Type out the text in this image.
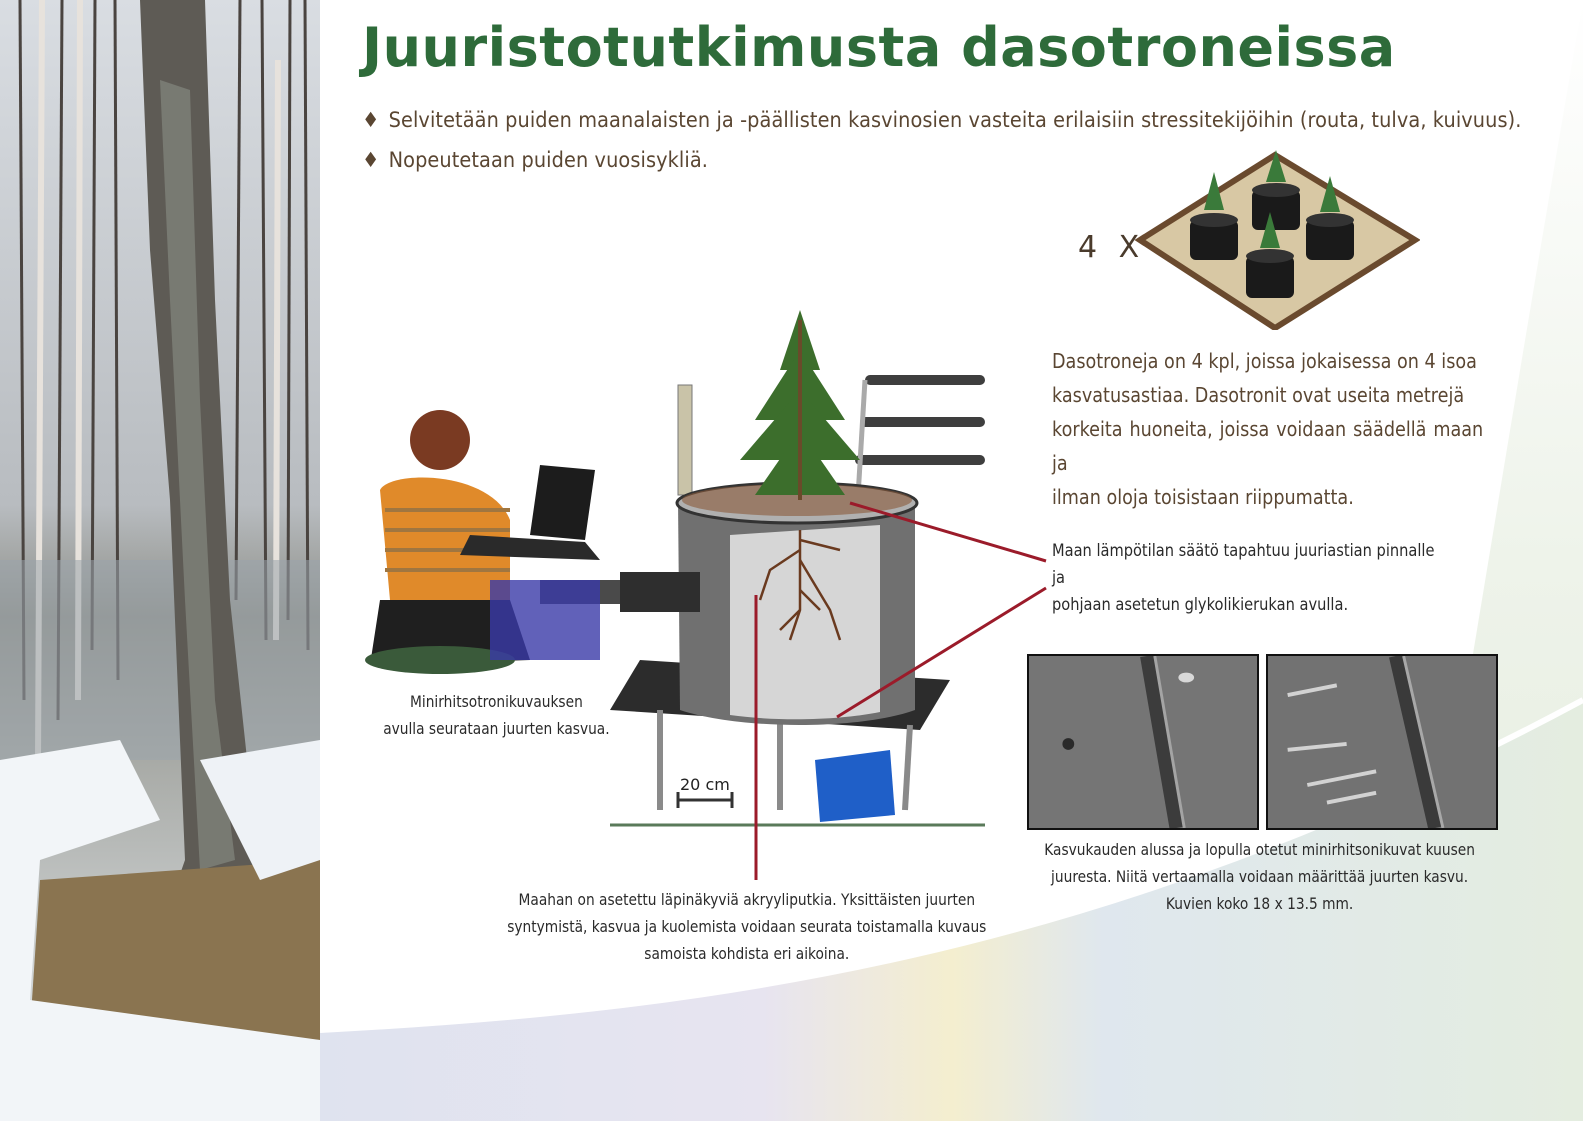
Juuristotutkimusta dasotroneissa
♦ Selvitetään puiden maanalaisten ja -päällisten kasvinosien vasteita erilaisiin stressitekijöihin (routa, tulva, kuivuus).
♦ Nopeutetaan puiden vuosisykliä.
4 X
Dasotroneja on 4 kpl, joissa jokaisessa on 4 isoa
kasvatusastiaa. Dasotronit ovat useita metrejä
korkeita huoneita, joissa voidaan säädellä maan ja
ilman oloja toisistaan riippumatta.
20 cm
Maan lämpötilan säätö tapahtuu juuriastian pinnalle ja
pohjaan asetetun glykolikierukan avulla.
Minirhitsotronikuvauksen
avulla seurataan juurten kasvua.
Maahan on asetettu läpinäkyviä akryyliputkia. Yksittäisten juurten
syntymistä, kasvua ja kuolemista voidaan seurata toistamalla kuvaus
samoista kohdista eri aikoina.
Kasvukauden alussa ja lopulla otetut minirhitsonikuvat kuusen
juuresta. Niitä vertaamalla voidaan määrittää juurten kasvu.
Kuvien koko 18 x 13.5 mm.
